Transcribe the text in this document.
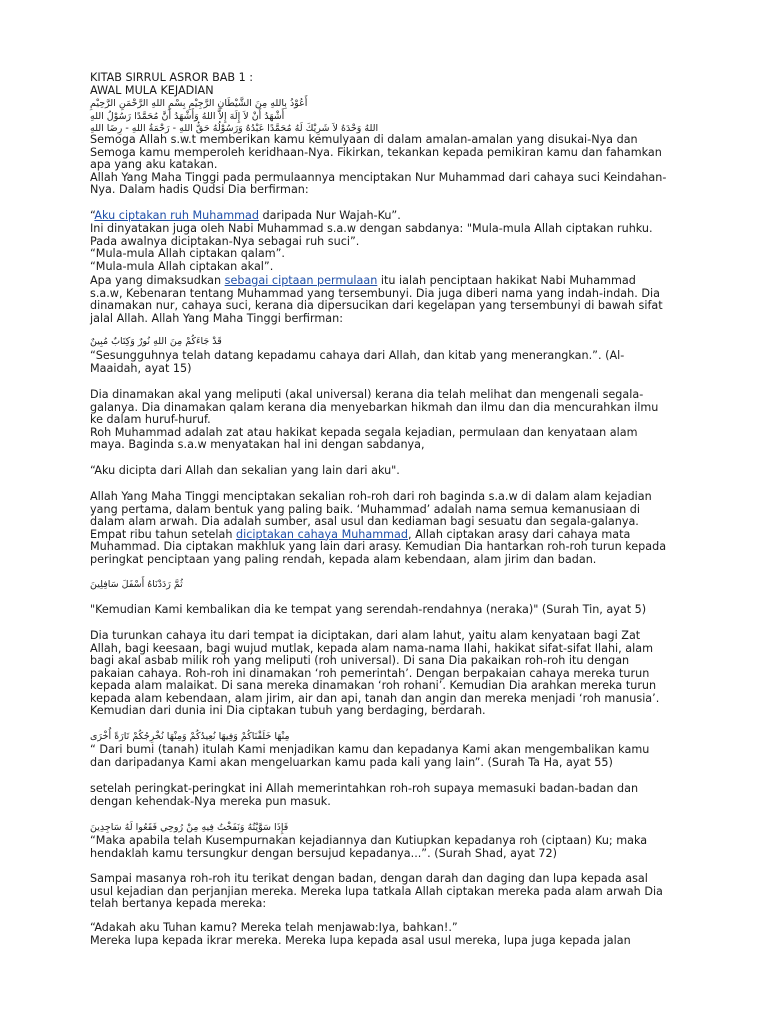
KITAB SIRRUL ASROR BAB 1 :
AWAL MULA KEJADIAN
أَعُوْذُ بِاللهِ مِنَ الشَّيْطَانِ الرَّجِيْمِ بِسْمِ اللهِ الرَّحْمَنِ الرَّحِيْمِ
أَشْهَدُ أَنْ لاَ إِلَهَ إِلاَّ اللهُ وَأَشْهَدُ أَنَّ مُحَمَّدًا رَسُوْلُ اللهِ
اللهُ وَحْدَهُ لاَ شَرِيْكَ لَهُ مُحَمَّدًا عَبْدُهُ وَرَسُوْلُهُ حَقُّ اللهِ - رَحْمَةُ اللهِ - رِضَا اللهِ
Semoga Allah s.w.t memberikan kamu kemulyaan di dalam amalan-amalan yang disukai-Nya dan
Semoga kamu memperoleh keridhaan-Nya. Fikirkan, tekankan kepada pemikiran kamu dan fahamkan
apa yang aku katakan.
Allah Yang Maha Tinggi pada permulaannya menciptakan Nur Muhammad dari cahaya suci Keindahan-
Nya. Dalam hadis Qudsi Dia berfirman:
“Aku ciptakan ruh Muhammad daripada Nur Wajah-Ku”.
Ini dinyatakan juga oleh Nabi Muhammad s.a.w dengan sabdanya: "Mula-mula Allah ciptakan ruhku.
Pada awalnya diciptakan-Nya sebagai ruh suci”.
“Mula-mula Allah ciptakan qalam”.
“Mula-mula Allah ciptakan akal”.
Apa yang dimaksudkan sebagai ciptaan permulaan itu ialah penciptaan hakikat Nabi Muhammad
s.a.w, Kebenaran tentang Muhammad yang tersembunyi. Dia juga diberi nama yang indah-indah. Dia
dinamakan nur, cahaya suci, kerana dia dipersucikan dari kegelapan yang tersembunyi di bawah sifat
jalal Allah. Allah Yang Maha Tinggi berfirman:
قَدْ جَاءَكُمْ مِنَ اللهِ نُورٌ وَكِتَابٌ مُبِينٌ
“Sesungguhnya telah datang kepadamu cahaya dari Allah, dan kitab yang menerangkan.”. (Al-
Maaidah, ayat 15)
Dia dinamakan akal yang meliputi (akal universal) kerana dia telah melihat dan mengenali segala-
galanya. Dia dinamakan qalam kerana dia menyebarkan hikmah dan ilmu dan dia mencurahkan ilmu
ke dalam huruf-huruf.
Roh Muhammad adalah zat atau hakikat kepada segala kejadian, permulaan dan kenyataan alam
maya. Baginda s.a.w menyatakan hal ini dengan sabdanya,
“Aku dicipta dari Allah dan sekalian yang lain dari aku".
Allah Yang Maha Tinggi menciptakan sekalian roh-roh dari roh baginda s.a.w di dalam alam kejadian
yang pertama, dalam bentuk yang paling baik. ‘Muhammad’ adalah nama semua kemanusiaan di
dalam alam arwah. Dia adalah sumber, asal usul dan kediaman bagi sesuatu dan segala-galanya.
Empat ribu tahun setelah diciptakan cahaya Muhammad, Allah ciptakan arasy dari cahaya mata
Muhammad. Dia ciptakan makhluk yang lain dari arasy. Kemudian Dia hantarkan roh-roh turun kepada
peringkat penciptaan yang paling rendah, kepada alam kebendaan, alam jirim dan badan.
ثُمَّ رَدَدْنَاهُ أَسْفَلَ سَافِلِينَ
"Kemudian Kami kembalikan dia ke tempat yang serendah-rendahnya (neraka)" (Surah Tin, ayat 5)
Dia turunkan cahaya itu dari tempat ia diciptakan, dari alam lahut, yaitu alam kenyataan bagi Zat
Allah, bagi keesaan, bagi wujud mutlak, kepada alam nama-nama Ilahi, hakikat sifat-sifat Ilahi, alam
bagi akal asbab milik roh yang meliputi (roh universal). Di sana Dia pakaikan roh-roh itu dengan
pakaian cahaya. Roh-roh ini dinamakan ‘roh pemerintah’. Dengan berpakaian cahaya mereka turun
kepada alam malaikat. Di sana mereka dinamakan ‘roh rohani’. Kemudian Dia arahkan mereka turun
kepada alam kebendaan, alam jirim, air dan api, tanah dan angin dan mereka menjadi ‘roh manusia’.
Kemudian dari dunia ini Dia ciptakan tubuh yang berdaging, berdarah.
مِنْهَا خَلَقْنَاكُمْ وَفِيهَا نُعِيدُكُمْ وَمِنْهَا نُخْرِجُكُمْ تَارَةً أُخْرَى
“ Dari bumi (tanah) itulah Kami menjadikan kamu dan kepadanya Kami akan mengembalikan kamu
dan daripadanya Kami akan mengeluarkan kamu pada kali yang lain”. (Surah Ta Ha, ayat 55)
setelah peringkat-peringkat ini Allah memerintahkan roh-roh supaya memasuki badan-badan dan
dengan kehendak-Nya mereka pun masuk.
فَإِذَا سَوَّيْتُهُ وَنَفَخْتُ فِيهِ مِنْ رُوحِي فَقَعُوا لَهُ سَاجِدِينَ
“Maka apabila telah Kusempurnakan kejadiannya dan Kutiupkan kepadanya roh (ciptaan) Ku; maka
hendaklah kamu tersungkur dengan bersujud kepadanya...”. (Surah Shad, ayat 72)
Sampai masanya roh-roh itu terikat dengan badan, dengan darah dan daging dan lupa kepada asal
usul kejadian dan perjanjian mereka. Mereka lupa tatkala Allah ciptakan mereka pada alam arwah Dia
telah bertanya kepada mereka:
“Adakah aku Tuhan kamu? Mereka telah menjawab:Iya, bahkan!.”
Mereka lupa kepada ikrar mereka. Mereka lupa kepada asal usul mereka, lupa juga kepada jalan
